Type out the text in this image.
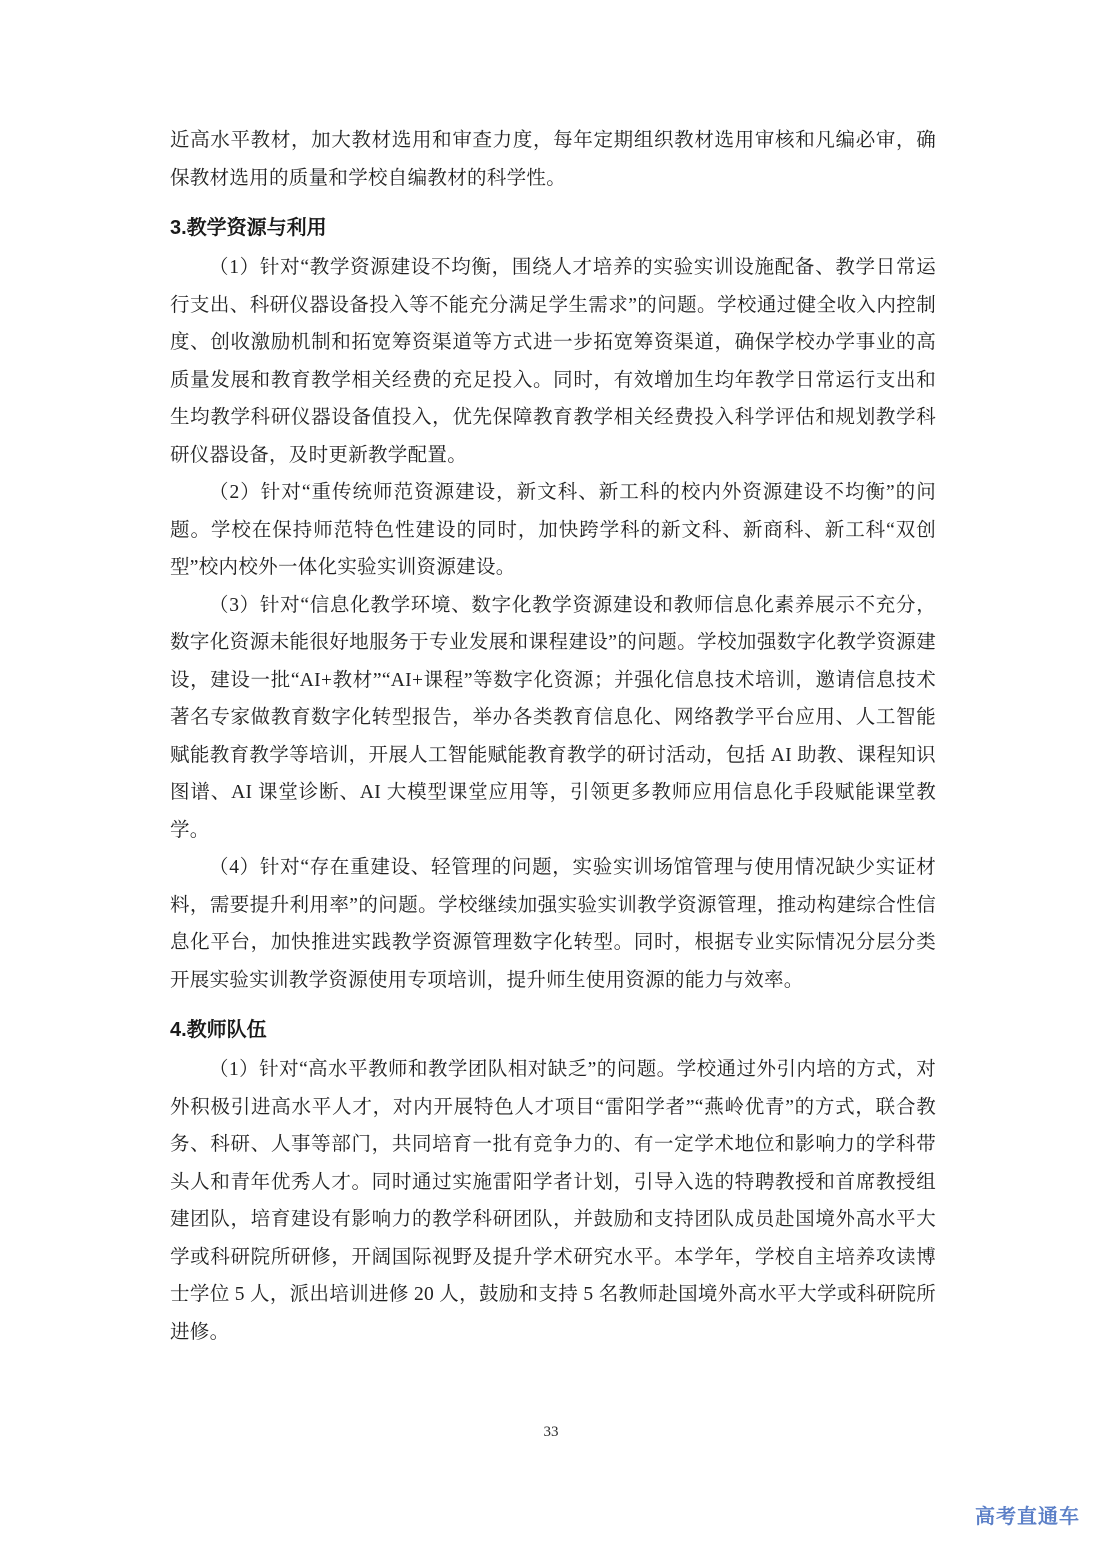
近高水平教材，加大教材选用和审查力度，每年定期组织教材选用审核和凡编必审，确保教材选用的质量和学校自编教材的科学性。

3.教学资源与利用

（1）针对“教学资源建设不均衡，围绕人才培养的实验实训设施配备、教学日常运行支出、科研仪器设备投入等不能充分满足学生需求”的问题。学校通过健全收入内控制度、创收激励机制和拓宽筹资渠道等方式进一步拓宽筹资渠道，确保学校办学事业的高质量发展和教育教学相关经费的充足投入。同时，有效增加生均年教学日常运行支出和生均教学科研仪器设备值投入，优先保障教育教学相关经费投入科学评估和规划教学科研仪器设备，及时更新教学配置。

（2）针对“重传统师范资源建设，新文科、新工科的校内外资源建设不均衡”的问题。学校在保持师范特色性建设的同时，加快跨学科的新文科、新商科、新工科“双创型”校内校外一体化实验实训资源建设。

（3）针对“信息化教学环境、数字化教学资源建设和教师信息化素养展示不充分，数字化资源未能很好地服务于专业发展和课程建设”的问题。学校加强数字化教学资源建设，建设一批“AI+教材”“AI+课程”等数字化资源；并强化信息技术培训，邀请信息技术著名专家做教育数字化转型报告，举办各类教育信息化、网络教学平台应用、人工智能赋能教育教学等培训，开展人工智能赋能教育教学的研讨活动，包括 AI 助教、课程知识图谱、AI 课堂诊断、AI 大模型课堂应用等，引领更多教师应用信息化手段赋能课堂教学。

（4）针对“存在重建设、轻管理的问题，实验实训场馆管理与使用情况缺少实证材料，需要提升利用率”的问题。学校继续加强实验实训教学资源管理，推动构建综合性信息化平台，加快推进实践教学资源管理数字化转型。同时，根据专业实际情况分层分类开展实验实训教学资源使用专项培训，提升师生使用资源的能力与效率。

4.教师队伍

（1）针对“高水平教师和教学团队相对缺乏”的问题。学校通过外引内培的方式，对外积极引进高水平人才，对内开展特色人才项目“雷阳学者”“燕岭优青”的方式，联合教务、科研、人事等部门，共同培育一批有竞争力的、有一定学术地位和影响力的学科带头人和青年优秀人才。同时通过实施雷阳学者计划，引导入选的特聘教授和首席教授组建团队，培育建设有影响力的教学科研团队，并鼓励和支持团队成员赴国境外高水平大学或科研院所研修，开阔国际视野及提升学术研究水平。本学年，学校自主培养攻读博士学位 5 人，派出培训进修 20 人，鼓励和支持 5 名教师赴国境外高水平大学或科研院所进修。

33
高考直通车
